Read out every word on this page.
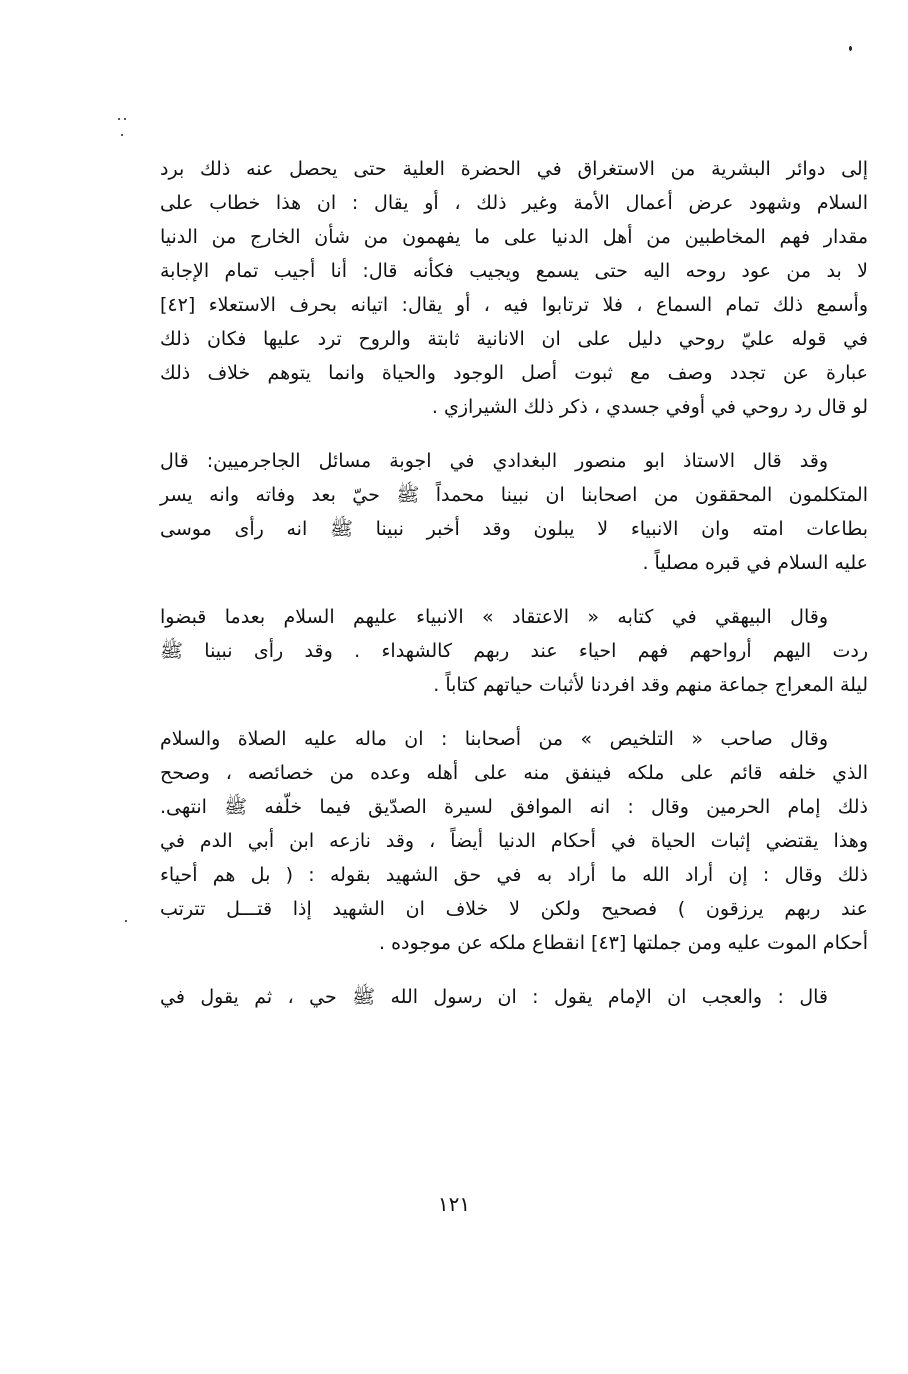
إلى دوائر البشرية من الاستغراق في الحضرة العلية حتى يحصل عنه ذلك برد
السلام وشهود عرض أعمال الأمة وغير ذلك ، أو يقال : ان هذا خطاب على
مقدار فهم المخاطبين من أهل الدنيا على ما يفهمون من شأن الخارج من الدنيا
لا بد من عود روحه اليه حتى يسمع ويجيب فكأنه قال: أنا أجيب تمام الإجابة
وأسمع ذلك تمام السماع ، فلا ترتابوا فيه ، أو يقال: اتيانه بحرف الاستعلاء [٤٢]
في قوله عليّ روحي دليل على ان الانانية ثابتة والروح ترد عليها فكان ذلك
عبارة عن تجدد وصف مع ثبوت أصل الوجود والحياة وانما يتوهم خلاف ذلك
لو قال رد روحي في أوفي جسدي ، ذكر ذلك الشيرازي .
وقد قال الاستاذ ابو منصور البغدادي في اجوبة مسائل الجاجرميين: قال
المتكلمون المحققون من اصحابنا ان نبينا محمداً ﷺ حيّ بعد وفاته وانه يسر
بطاعات امته وان الانبياء لا يبلون وقد أخبر نبينا ﷺ انه رأى موسى
عليه السلام في قبره مصلياً .
وقال البيهقي في كتابه « الاعتقاد » الانبياء عليهم السلام بعدما قبضوا
ردت اليهم أرواحهم فهم احياء عند ربهم كالشهداء . وقد رأى نبينا ﷺ
ليلة المعراج جماعة منهم وقد افردنا لأثبات حياتهم كتاباً .
وقال صاحب « التلخيص » من أصحابنا : ان ماله عليه الصلاة والسلام
الذي خلفه قائم على ملكه فينفق منه على أهله وعده من خصائصه ، وصحح
ذلك إمام الحرمين وقال : انه الموافق لسيرة الصدّيق فيما خلّفه ﷺ انتهى.
وهذا يقتضي إثبات الحياة في أحكام الدنيا أيضاً ، وقد نازعه ابن أبي الدم في
ذلك وقال : إن أراد الله ما أراد به في حق الشهيد بقوله : ( بل هم أحياء
عند ربهم يرزقون ) فصحيح ولكن لا خلاف ان الشهيد إذا قتـــل تترتب
أحكام الموت عليه ومن جملتها [٤٣] انقطاع ملكه عن موجوده .
قال : والعجب ان الإمام يقول : ان رسول الله ﷺ حي ، ثم يقول في
١٢١
